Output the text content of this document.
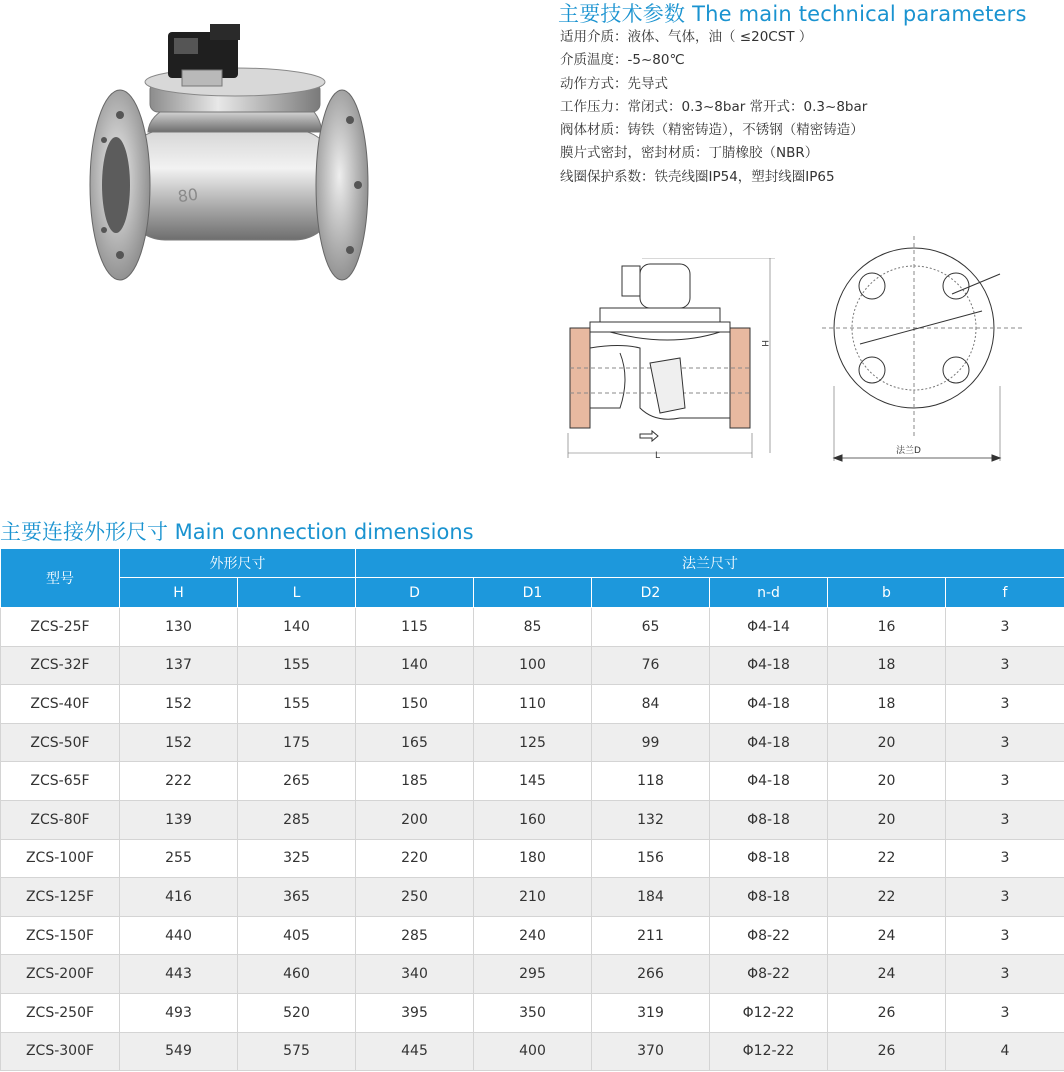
80
主要技术参数 The main technical parameters
适用介质：液体、气体，油（ ≤20CST ）
介质温度：-5~80℃
动作方式：先导式
工作压力：常闭式：0.3~8bar 常开式：0.3~8bar
阀体材质：铸铁（精密铸造），不锈钢（精密铸造）
膜片式密封，密封材质：丁腈橡胶（NBR）
线圈保护系数：铁壳线圈IP54，塑封线圈IP65
H
L	法兰D
主要连接外形尺寸 Main connection dimensions
型号	外形尺寸		法兰尺寸					
	H	L	D	D1	D2	n-d	b	f
ZCS-25F	130	140	115	85	65	Φ4-14	16	3
ZCS-32F	137	155	140	100	76	Φ4-18	18	3
ZCS-40F	152	155	150	110	84	Φ4-18	18	3
ZCS-50F	152	175	165	125	99	Φ4-18	20	3
ZCS-65F	222	265	185	145	118	Φ4-18	20	3
ZCS-80F	139	285	200	160	132	Φ8-18	20	3
ZCS-100F	255	325	220	180	156	Φ8-18	22	3
ZCS-125F	416	365	250	210	184	Φ8-18	22	3
ZCS-150F	440	405	285	240	211	Φ8-22	24	3
ZCS-200F	443	460	340	295	266	Φ8-22	24	3
ZCS-250F	493	520	395	350	319	Φ12-22	26	3
ZCS-300F	549	575	445	400	370	Φ12-22	26	4
